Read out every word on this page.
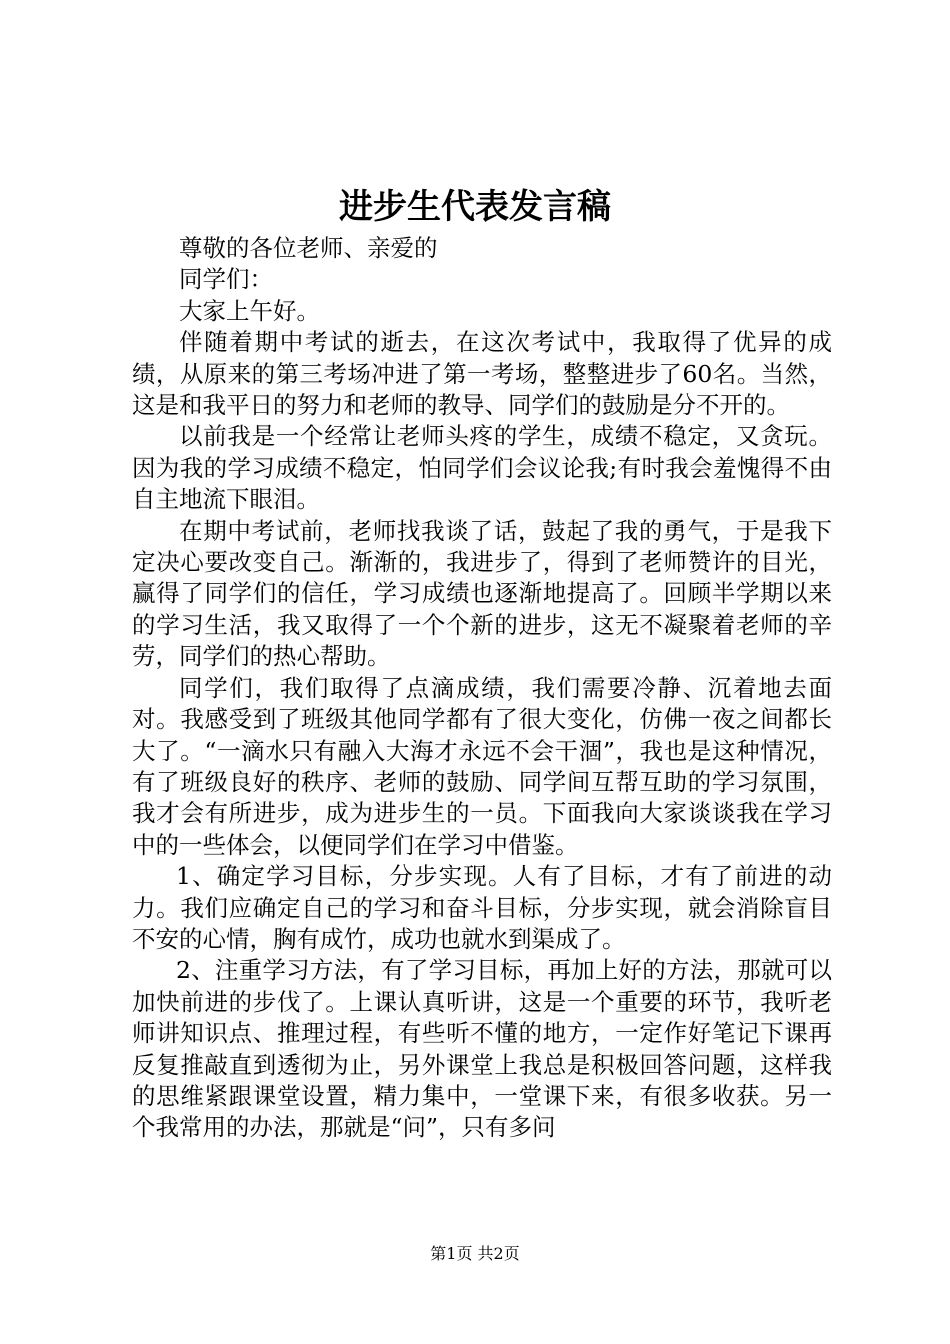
进步生代表发言稿

尊敬的各位老师、亲爱的

同学们：

大家上午好。

伴随着期中考试的逝去，在这次考试中，我取得了优异的成绩，从原来的第三考场冲进了第一考场，整整进步了60名。当然，这是和我平日的努力和老师的教导、同学们的鼓励是分不开的。

以前我是一个经常让老师头疼的学生，成绩不稳定，又贪玩。因为我的学习成绩不稳定，怕同学们会议论我;有时我会羞愧得不由自主地流下眼泪。

在期中考试前，老师找我谈了话，鼓起了我的勇气，于是我下定决心要改变自己。渐渐的，我进步了，得到了老师赞许的目光，赢得了同学们的信任，学习成绩也逐渐地提高了。回顾半学期以来的学习生活，我又取得了一个个新的进步，这无不凝聚着老师的辛劳，同学们的热心帮助。

同学们，我们取得了点滴成绩，我们需要冷静、沉着地去面对。我感受到了班级其他同学都有了很大变化，仿佛一夜之间都长大了。“一滴水只有融入大海才永远不会干涸”，我也是这种情况，有了班级良好的秩序、老师的鼓励、同学间互帮互助的学习氛围，我才会有所进步，成为进步生的一员。下面我向大家谈谈我在学习中的一些体会，以便同学们在学习中借鉴。

1、确定学习目标，分步实现。人有了目标，才有了前进的动力。我们应确定自己的学习和奋斗目标，分步实现，就会消除盲目不安的心情，胸有成竹，成功也就水到渠成了。

2、注重学习方法，有了学习目标，再加上好的方法，那就可以加快前进的步伐了。上课认真听讲，这是一个重要的环节，我听老师讲知识点、推理过程，有些听不懂的地方，一定作好笔记下课再反复推敲直到透彻为止，另外课堂上我总是积极回答问题，这样我的思维紧跟课堂设置，精力集中，一堂课下来，有很多收获。另一个我常用的办法，那就是“问”，只有多问

第1页 共2页
